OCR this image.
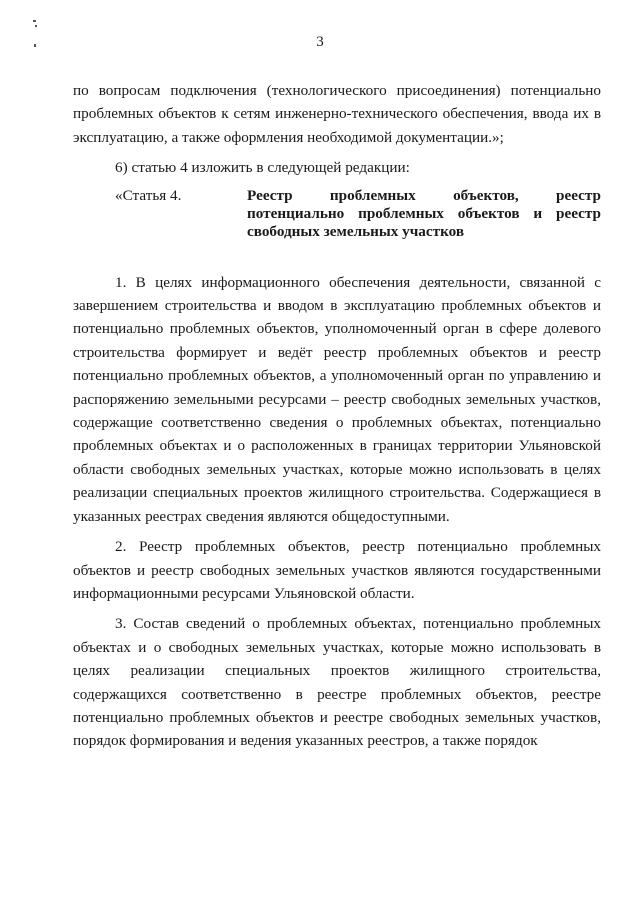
3

по вопросам подключения (технологического присоединения) потенциально проблемных объектов к сетям инженерно-технического обеспечения, ввода их в эксплуатацию, а также оформления необходимой документации.»;

6) статью 4 изложить в следующей редакции:

«Статья 4.	Реестр проблемных объектов, реестр потенциально проблемных объектов и реестр свободных земельных участков

1. В целях информационного обеспечения деятельности, связанной с завершением строительства и вводом в эксплуатацию проблемных объектов и потенциально проблемных объектов, уполномоченный орган в сфере долевого строительства формирует и ведёт реестр проблемных объектов и реестр потенциально проблемных объектов, а уполномоченный орган по управлению и распоряжению земельными ресурсами – реестр свободных земельных участков, содержащие соответственно сведения о проблемных объектах, потенциально проблемных объектах и о расположенных в границах территории Ульяновской области свободных земельных участках, которые можно использовать в целях реализации специальных проектов жилищного строительства. Содержащиеся в указанных реестрах сведения являются общедоступными.

2. Реестр проблемных объектов, реестр потенциально проблемных объектов и реестр свободных земельных участков являются государственными информационными ресурсами Ульяновской области.

3. Состав сведений о проблемных объектах, потенциально проблемных объектах и о свободных земельных участках, которые можно использовать в целях реализации специальных проектов жилищного строительства, содержащихся соответственно в реестре проблемных объектов, реестре потенциально проблемных объектов и реестре свободных земельных участков, порядок формирования и ведения указанных реестров, а также порядок
